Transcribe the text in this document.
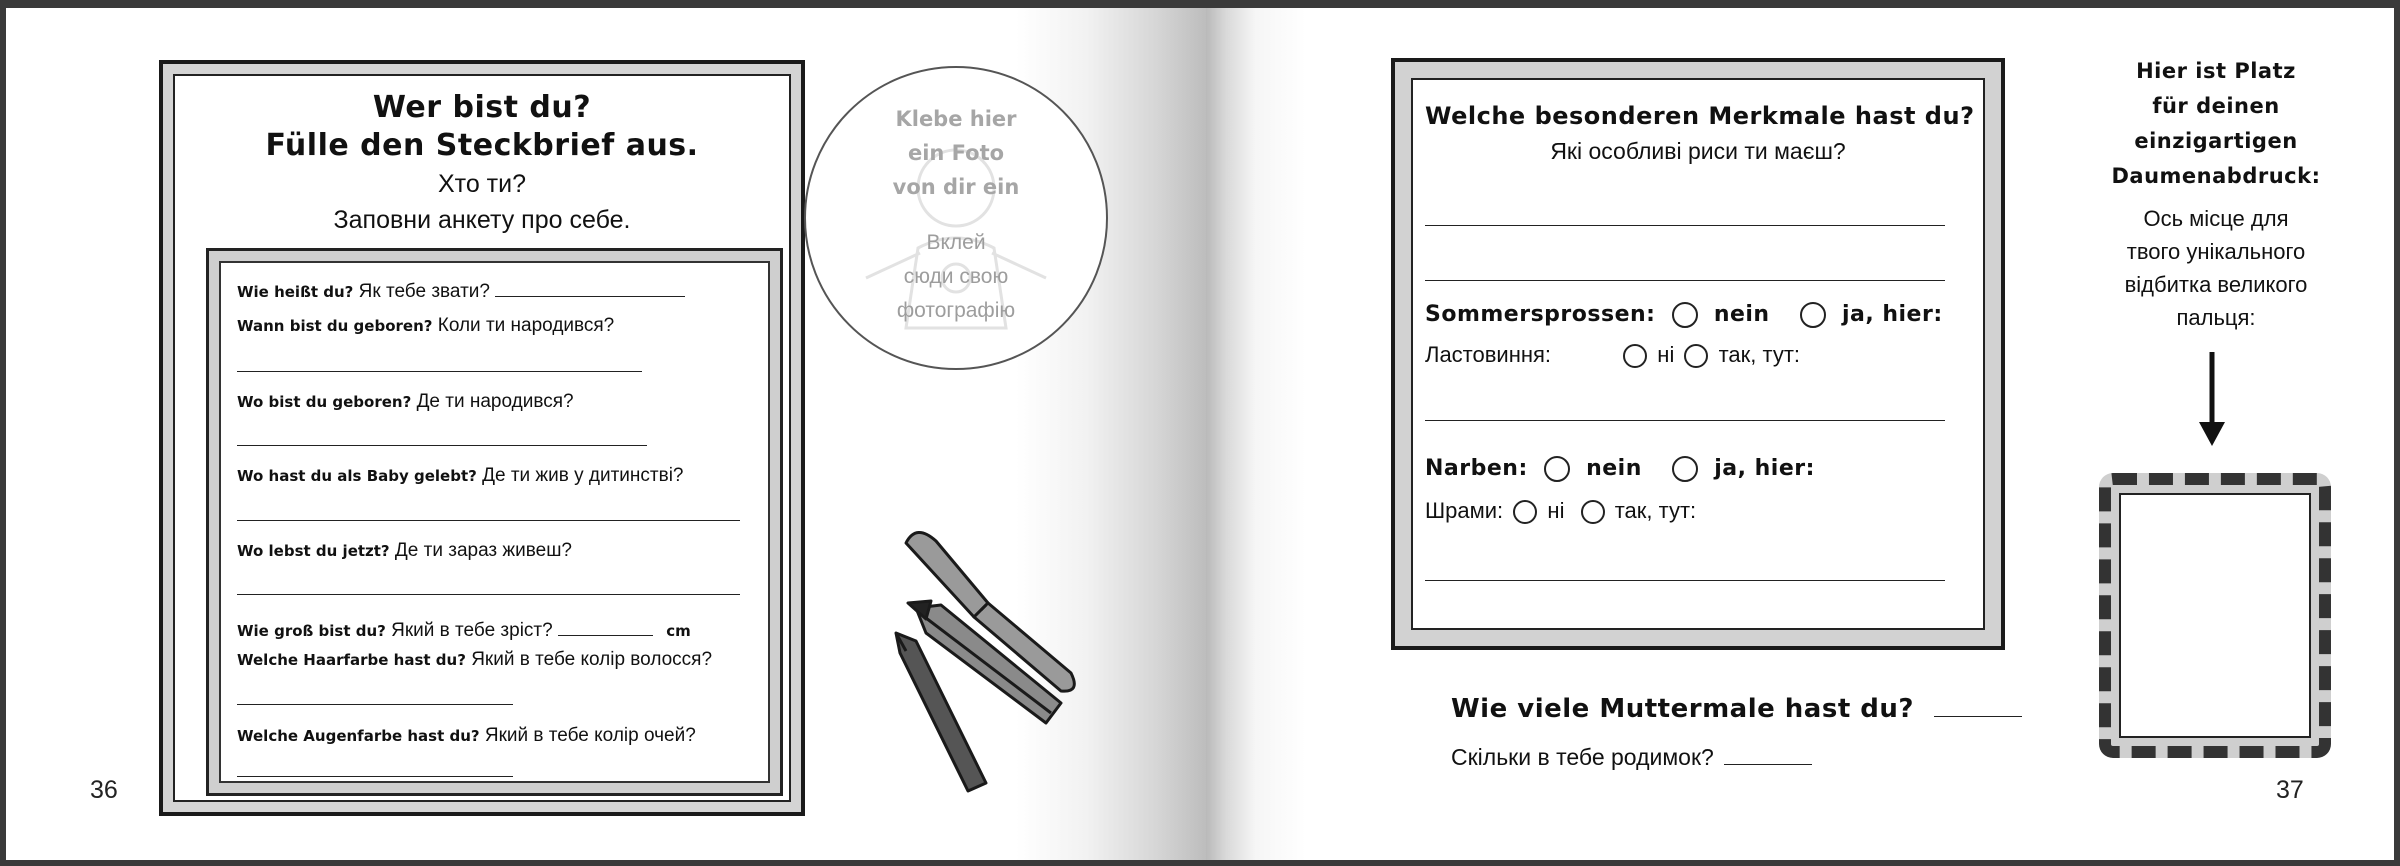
Wer bist du?
Fülle den Steckbrief aus.
Хто ти?
Заповни анкету про себе.
Wie heißt du? Як тебе звати?
Wann bist du geboren? Коли ти народився?
Wo bist du geboren? Де ти народився?
Wo hast du als Baby gelebt? Де ти жив у дитинстві?
Wo lebst du jetzt? Де ти зараз живеш?
Wie groß bist du? Який в тебе зріст?	cm
Welche Haarfarbe hast du? Який в тебе колір волосся?
Welche Augenfarbe hast du? Який в тебе колір очей?
36
Klebe hier
ein Foto
von dir ein
Вклей
сюди свою
фотографію
Welche besonderen Merkmale hast du?
Які особливі риси ти маєш?
Sommersprossen:	nein	ja, hier:
Ластовиння:	ні так, тут:
Narben:	nein	ja, hier:
Шрами: ні так, тут:
Wie viele Muttermale hast du?
Скільки в тебе родимок?
Hier ist Platz
für deinen
einzigartigen
Daumenabdruck:
Ось місце для
твого унікального
відбитка великого
пальця:
37
